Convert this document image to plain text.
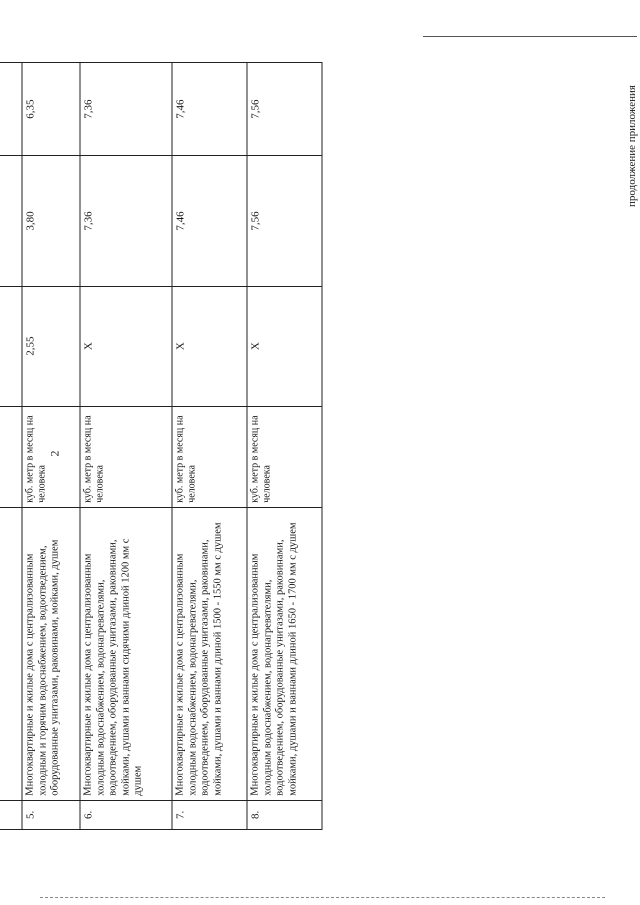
2
продолжение приложения

5.	Многоквартирные и жилые дома с централизованным холодным и горячим водоснабжением, водоотведением, оборудованные унитазами, раковинами, мойками, душем	куб. метр в месяц на человека	2,55	3,80	6,35
6.	Многоквартирные и жилые дома с централизованным холодным водоснабжением, водонагревателями, водоотведением, оборудованные унитазами, раковинами, мойками, душами и ваннами сидячими длиной 1200 мм с душем	куб. метр в месяц на человека	Х	7,36	7,36
7.	Многоквартирные и жилые дома с централизованным холодным водоснабжением, водонагревателями, водоотведением, оборудованные унитазами, раковинами, мойками, душами и ваннами длиной 1500 - 1550 мм с душем	куб. метр в месяц на человека	Х	7,46	7,46
8.	Многоквартирные и жилые дома с централизованным холодным водоснабжением, водонагревателями, водоотведением, оборудованные унитазами, раковинами, мойками, душами и ваннами длиной 1650 - 1700 мм с душем	куб. метр в месяц на человека	Х	7,56	7,56
